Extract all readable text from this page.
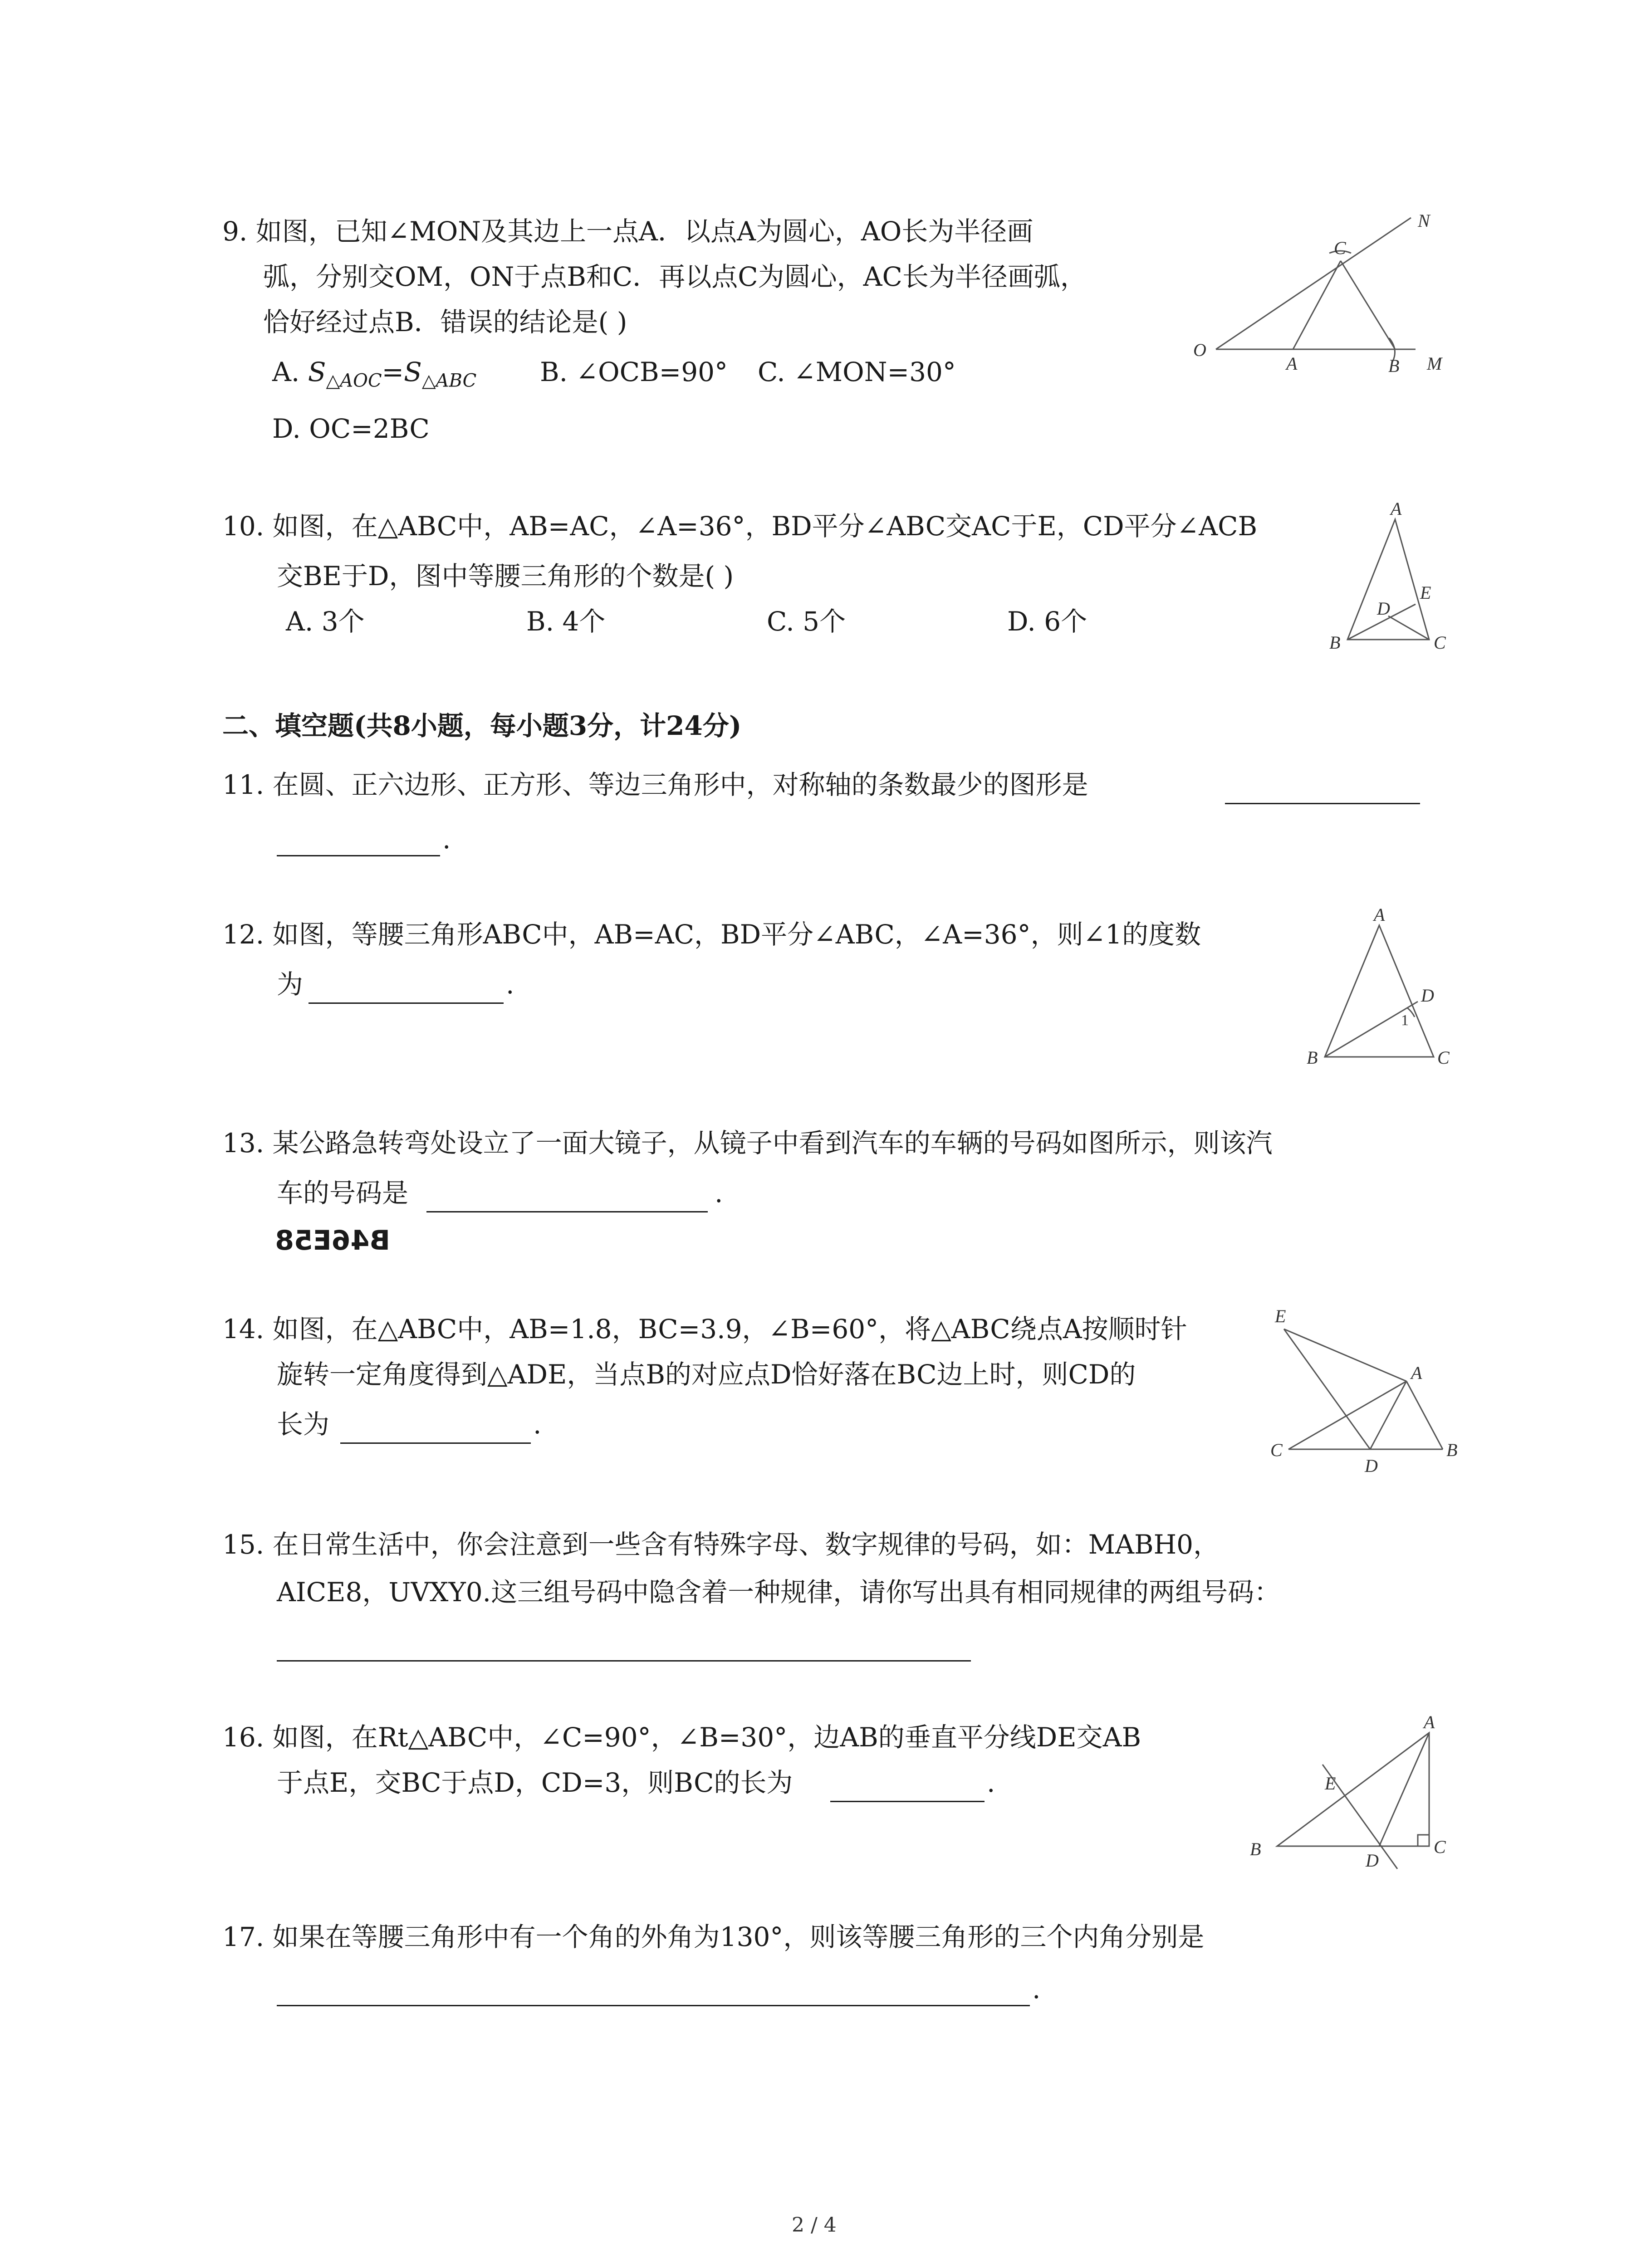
9. 如图，已知∠MON及其边上一点A．以点A为圆心，AO长为半径画
弧，分别交OM，ON于点B和C．再以点C为圆心，AC长为半径画弧，
恰好经过点B．错误的结论是( )
A. $S_{\triangle AOC}=S_{\triangle ABC}$ B. ∠OCB=90° C. ∠MON=30°
D. OC=2BC
N
C
O
A	B M
10. 如图，在△ABC中，AB=AC，∠A=36°，BD平分∠ABC交AC于E，CD平分∠ACB
交BE于D，图中等腰三角形的个数是( )
A. 3个	B. 4个	C. 5个	D. 6个
A
E
D
B	C
二、填空题(共8小题，每小题3分，计24分)
11. 在圆、正六边形、正方形、等边三角形中，对称轴的条数最少的图形是
.
12. 如图，等腰三角形ABC中，AB=AC，BD平分∠ABC，∠A=36°，则∠1的度数
为	.
A
D
1
B	C
13. 某公路急转弯处设立了一面大镜子，从镜子中看到汽车的车辆的号码如图所示，则该汽
车的号码是	.
B46E58
14. 如图，在△ABC中，AB=1.8，BC=3.9，∠B=60°，将△ABC绕点A按顺时针
旋转一定角度得到△ADE，当点B的对应点D恰好落在BC边上时，则CD的
长为	.
E
A
C
D
B
15. 在日常生活中，你会注意到一些含有特殊字母、数字规律的号码，如：MABH0，
AICE8，UVXY0.这三组号码中隐含着一种规律，请你写出具有相同规律的两组号码：
16. 如图，在Rt△ABC中，∠C=90°，∠B=30°，边AB的垂直平分线DE交AB
于点E，交BC于点D，CD=3，则BC的长为	.
A
E
B
D
C
17. 如果在等腰三角形中有一个角的外角为130°，则该等腰三角形的三个内角分别是
.
2 / 4
